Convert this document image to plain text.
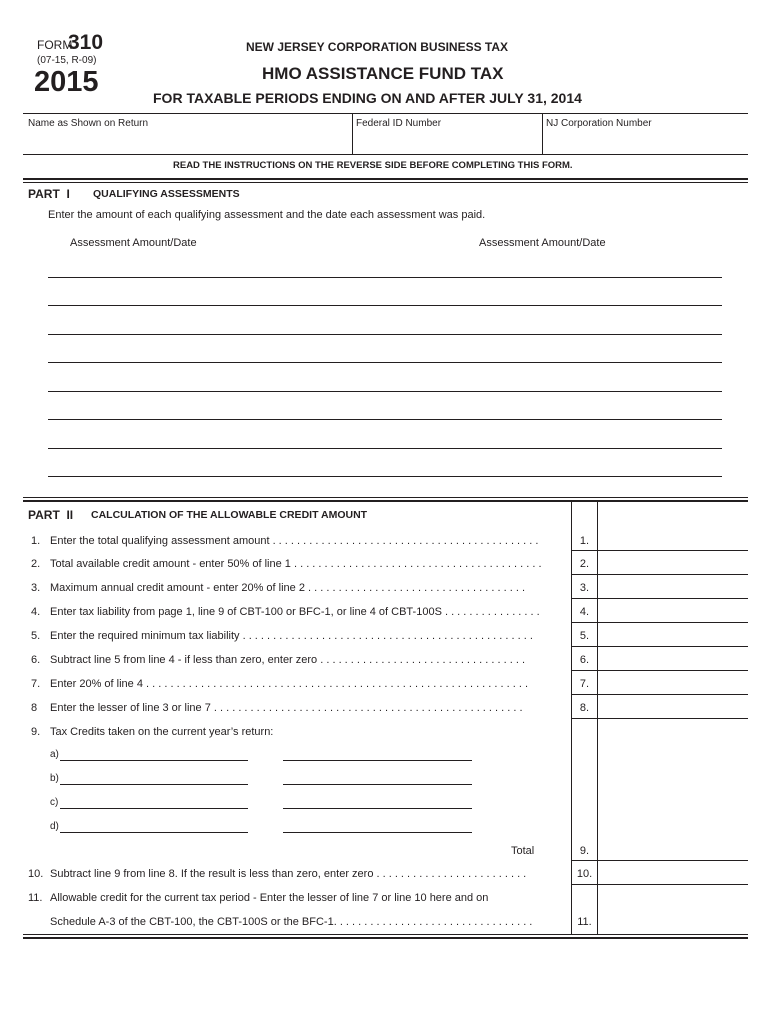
FORM
310
(07-15, R-09)
2015
NEW JERSEY CORPORATION BUSINESS TAX
HMO ASSISTANCE FUND TAX
FOR TAXABLE PERIODS ENDING ON AND AFTER JULY 31, 2014
Name as Shown on Return	Federal ID Number	NJ Corporation Number
READ THE INSTRUCTIONS ON THE REVERSE SIDE BEFORE COMPLETING THIS FORM.
PART  I QUALIFYING ASSESSMENTS
Enter the amount of each qualifying assessment and the date each assessment was paid.
Assessment Amount/Date	Assessment Amount/Date
PART  II CALCULATION OF THE ALLOWABLE CREDIT AMOUNT
1. Enter the total qualifying assessment amount . . . . . . . . . . . . . . . . . . . . . . . . . . . . . . . . . . . . . . . . . . . .	1.
2. Total available credit amount - enter 50% of line 1 . . . . . . . . . . . . . . . . . . . . . . . . . . . . . . . . . . . . . . . . .	2.
3. Maximum annual credit amount - enter 20% of line 2 . . . . . . . . . . . . . . . . . . . . . . . . . . . . . . . . . . . .	3.
4. Enter tax liability from page 1, line 9 of CBT-100 or BFC-1, or line 4 of CBT-100S . . . . . . . . . . . . . . . .	4.
5. Enter the required minimum tax liability . . . . . . . . . . . . . . . . . . . . . . . . . . . . . . . . . . . . . . . . . . . . . . . .	5.
6. Subtract line 5 from line 4 - if less than zero, enter zero . . . . . . . . . . . . . . . . . . . . . . . . . . . . . . . . . .	6.
7. Enter 20% of line 4 . . . . . . . . . . . . . . . . . . . . . . . . . . . . . . . . . . . . . . . . . . . . . . . . . . . . . . . . . . . . . . .	7.
8 Enter the lesser of line 3 or line 7 . . . . . . . . . . . . . . . . . . . . . . . . . . . . . . . . . . . . . . . . . . . . . . . . . . .	8.
9. Tax Credits taken on the current year’s return:
a)
b)
c)
d)
Total	9.
10. Subtract line 9 from line 8. If the result is less than zero, enter zero . . . . . . . . . . . . . . . . . . . . . . . . .	10.
11. Allowable credit for the current tax period - Enter the lesser of line 7 or line 10 here and on
Schedule A-3 of the CBT-100, the CBT-100S or the BFC-1. . . . . . . . . . . . . . . . . . . . . . . . . . . . . . . . .	11.
